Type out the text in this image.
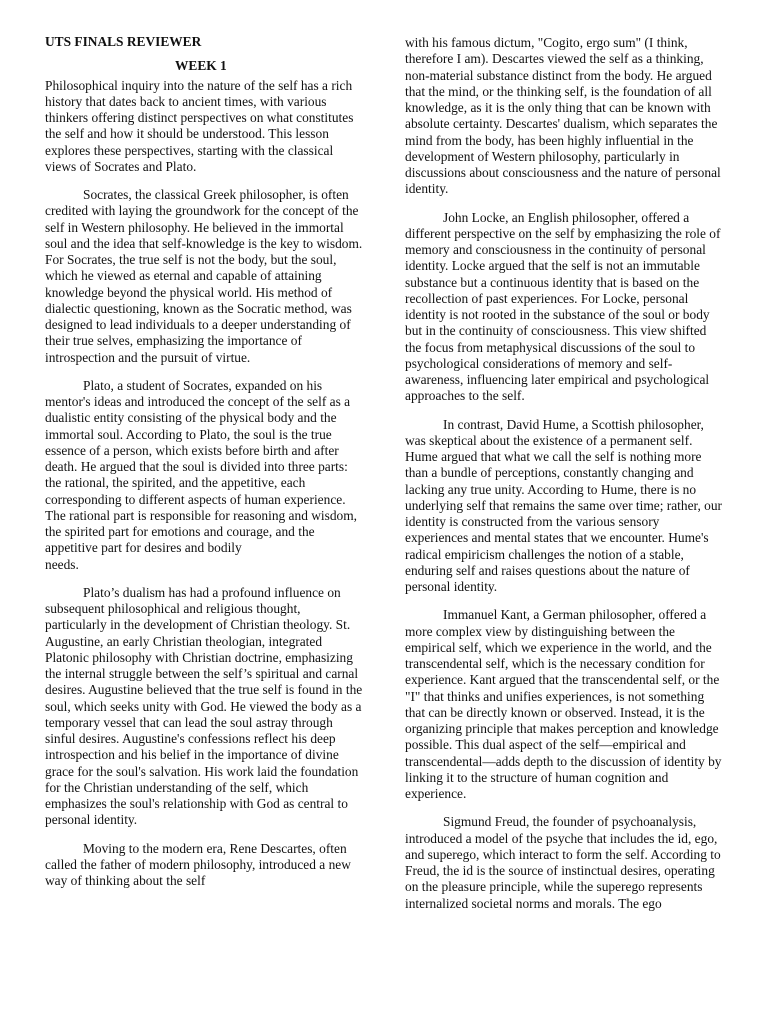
UTS FINALS REVIEWER
WEEK 1

Philosophical inquiry into the nature of the self has a rich history that dates back to ancient times, with various thinkers offering distinct perspectives on what constitutes the self and how it should be understood. This lesson explores these perspectives, starting with the classical views of Socrates and Plato.

Socrates, the classical Greek philosopher, is often credited with laying the groundwork for the concept of the self in Western philosophy. He believed in the immortal soul and the idea that self-knowledge is the key to wisdom. For Socrates, the true self is not the body, but the soul, which he viewed as eternal and capable of attaining knowledge beyond the physical world. His method of dialectic questioning, known as the Socratic method, was designed to lead individuals to a deeper understanding of their true selves, emphasizing the importance of introspection and the pursuit of virtue.

Plato, a student of Socrates, expanded on his mentor's ideas and introduced the concept of the self as a dualistic entity consisting of the physical body and the immortal soul. According to Plato, the soul is the true essence of a person, which exists before birth and after death. He argued that the soul is divided into three parts: the rational, the spirited, and the appetitive, each corresponding to different aspects of human experience. The rational part is responsible for reasoning and wisdom, the spirited part for emotions and courage, and the appetitive part for desires and bodily

needs.

Plato’s dualism has had a profound influence on subsequent philosophical and religious thought, particularly in the development of Christian theology. St. Augustine, an early Christian theologian, integrated Platonic philosophy with Christian doctrine, emphasizing the internal struggle between the self’s spiritual and carnal desires. Augustine believed that the true self is found in the soul, which seeks unity with God. He viewed the body as a temporary vessel that can lead the soul astray through sinful desires. Augustine's confessions reflect his deep introspection and his belief in the importance of divine grace for the soul's salvation. His work laid the foundation for the Christian understanding of the self, which emphasizes the soul's relationship with God as central to personal identity.

Moving to the modern era, Rene Descartes, often called the father of modern philosophy, introduced a new way of thinking about the self

with his famous dictum, "Cogito, ergo sum" (I think, therefore I am). Descartes viewed the self as a thinking, non-material substance distinct from the body. He argued that the mind, or the thinking self, is the foundation of all knowledge, as it is the only thing that can be known with absolute certainty. Descartes' dualism, which separates the mind from the body, has been highly influential in the development of Western philosophy, particularly in discussions about consciousness and the nature of personal identity.

John Locke, an English philosopher, offered a different perspective on the self by emphasizing the role of memory and consciousness in the continuity of personal identity. Locke argued that the self is not an immutable substance but a continuous identity that is based on the recollection of past experiences. For Locke, personal identity is not rooted in the substance of the soul or body but in the continuity of consciousness. This view shifted the focus from metaphysical discussions of the soul to psychological considerations of memory and self-awareness, influencing later empirical and psychological approaches to the self.

In contrast, David Hume, a Scottish philosopher, was skeptical about the existence of a permanent self. Hume argued that what we call the self is nothing more than a bundle of perceptions, constantly changing and lacking any true unity. According to Hume, there is no underlying self that remains the same over time; rather, our identity is constructed from the various sensory experiences and mental states that we encounter. Hume's radical empiricism challenges the notion of a stable, enduring self and raises questions about the nature of personal identity.

Immanuel Kant, a German philosopher, offered a more complex view by distinguishing between the empirical self, which we experience in the world, and the transcendental self, which is the necessary condition for experience. Kant argued that the transcendental self, or the "I" that thinks and unifies experiences, is not something that can be directly known or observed. Instead, it is the organizing principle that makes perception and knowledge possible. This dual aspect of the self—empirical and transcendental—adds depth to the discussion of identity by linking it to the structure of human cognition and experience.

Sigmund Freud, the founder of psychoanalysis, introduced a model of the psyche that includes the id, ego, and superego, which interact to form the self. According to Freud, the id is the source of instinctual desires, operating on the pleasure principle, while the superego represents internalized societal norms and morals. The ego
